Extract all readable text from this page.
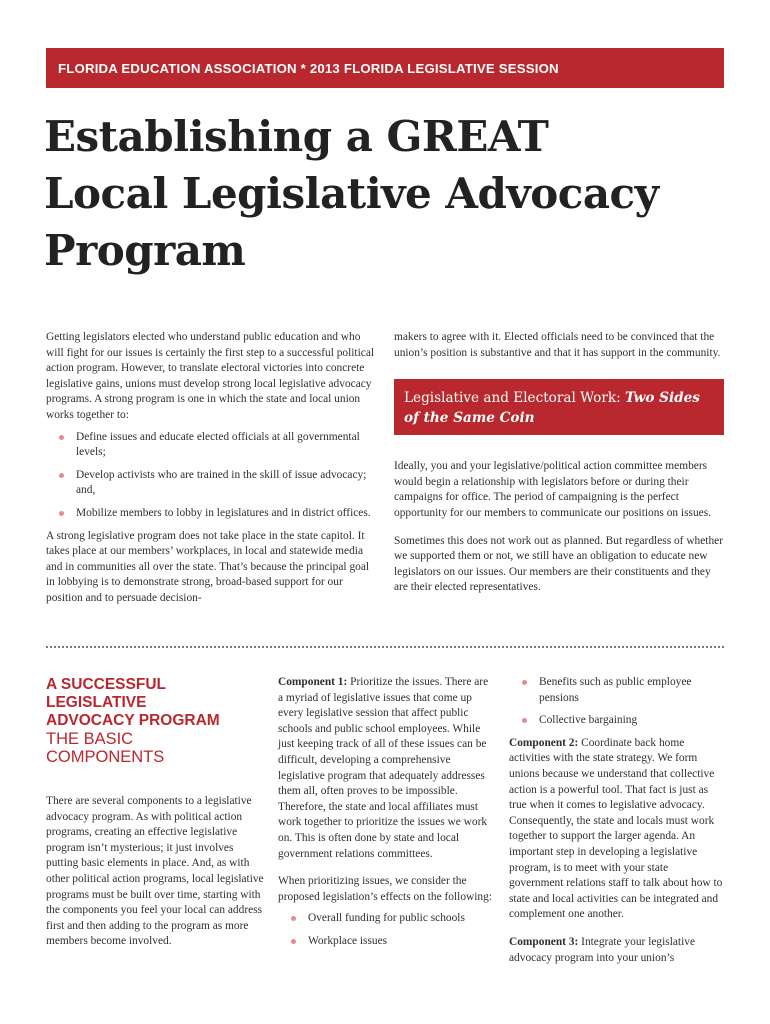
FLORIDA EDUCATION ASSOCIATION * 2013 FLORIDA LEGISLATIVE SESSION
Establishing a GREAT
Local Legislative Advocacy
Program

Getting legislators elected who understand public education and who will fight for our issues is certainly the first step to a successful political action program. However, to translate electoral victories into concrete legislative gains, unions must develop strong local legislative advocacy programs. A strong program is one in which the state and local union works together to:

Define issues and educate elected officials at all governmental levels;
Develop activists who are trained in the skill of issue advocacy; and,
Mobilize members to lobby in legislatures and in district offices.

A strong legislative program does not take place in the state capitol. It takes place at our members’ workplaces, in local and statewide media and in communities all over the state. That’s because the principal goal in lobbying is to demonstrate strong, broad-based support for our position and to persuade decision-

makers to agree with it. Elected officials need to be convinced that the union’s position is substantive and that it has support in the community.

Legislative and Electoral Work: Two Sides of the Same Coin

Ideally, you and your legislative/political action committee members would begin a relationship with legislators before or during their campaigns for office. The period of campaigning is the perfect opportunity for our members to communicate our positions on issues.

Sometimes this does not work out as planned. But regardless of whether we supported them or not, we still have an obligation to educate new legislators on our issues. Our members are their constituents and they are their elected representatives.

A SUCCESSFUL
LEGISLATIVE
ADVOCACY PROGRAM
THE BASIC
COMPONENTS

There are several components to a legislative advocacy program. As with political action programs, creating an effective legislative program isn’t mysterious; it just involves putting basic elements in place. And, as with other political action programs, local legislative programs must be built over time, starting with the components you feel your local can address first and then adding to the program as more members become involved.

Component 1: Prioritize the issues. There are a myriad of legislative issues that come up every legislative session that affect public schools and public school employees. While just keeping track of all of these issues can be difficult, developing a comprehensive legislative program that adequately addresses them all, often proves to be impossible. Therefore, the state and local affiliates must work together to prioritize the issues we work on. This is often done by state and local government relations committees.

When prioritizing issues, we consider the proposed legislation’s effects on the following:

Overall funding for public schools
Workplace issues
Benefits such as public employee pensions
Collective bargaining

Component 2: Coordinate back home activities with the state strategy. We form unions because we understand that collective action is a powerful tool. That fact is just as true when it comes to legislative advocacy. Consequently, the state and locals must work together to support the larger agenda. An important step in developing a legislative program, is to meet with your state government relations staff to talk about how to state and local activities can be integrated and complement one another.

Component 3: Integrate your legislative advocacy program into your union’s
